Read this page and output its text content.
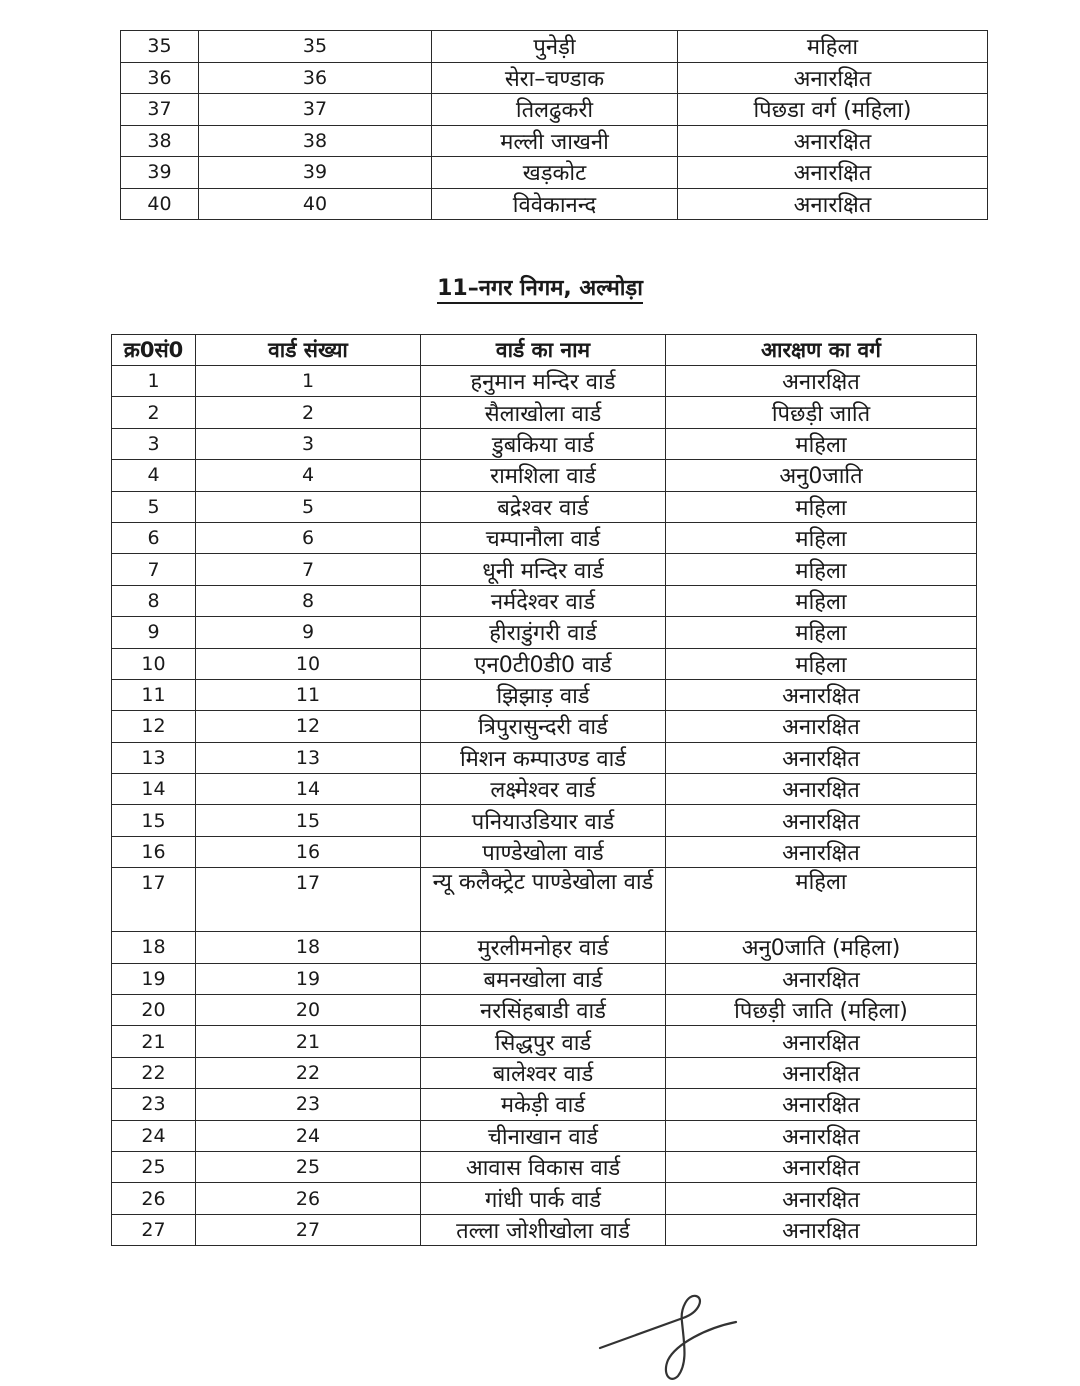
35	35	पुनेड़ी	महिला
36	36	सेरा–चण्डाक	अनारक्षित
37	37	तिलढुकरी	पिछडा वर्ग (महिला)
38	38	मल्ली जाखनी	अनारक्षित
39	39	खड़कोट	अनारक्षित
40	40	विवेकानन्द	अनारक्षित
11–नगर निगम, अल्मोड़ा
क्र0सं0	वार्ड संख्या	वार्ड का नाम	आरक्षण का वर्ग
1	1	हनुमान मन्दिर वार्ड	अनारक्षित
2	2	सैलाखोला वार्ड	पिछड़ी जाति
3	3	डुबकिया वार्ड	महिला
4	4	रामशिला वार्ड	अनु0जाति
5	5	बद्रेश्वर वार्ड	महिला
6	6	चम्पानौला वार्ड	महिला
7	7	धूनी मन्दिर वार्ड	महिला
8	8	नर्मदेश्वर वार्ड	महिला
9	9	हीराडुंगरी वार्ड	महिला
10	10	एन0टी0डी0 वार्ड	महिला
11	11	झिझाड़ वार्ड	अनारक्षित
12	12	त्रिपुरासुन्दरी वार्ड	अनारक्षित
13	13	मिशन कम्पाउण्ड वार्ड	अनारक्षित
14	14	लक्ष्मेश्वर वार्ड	अनारक्षित
15	15	पनियाउडियार वार्ड	अनारक्षित
16	16	पाण्डेखोला वार्ड	अनारक्षित
17	17	न्यू कलैक्ट्रेट पाण्डेखोला वार्ड	महिला
18	18	मुरलीमनोहर वार्ड	अनु0जाति (महिला)
19	19	बमनखोला वार्ड	अनारक्षित
20	20	नरसिंहबाडी वार्ड	पिछड़ी जाति (महिला)
21	21	सिद्धपुर वार्ड	अनारक्षित
22	22	बालेश्वर वार्ड	अनारक्षित
23	23	मकेड़ी वार्ड	अनारक्षित
24	24	चीनाखान वार्ड	अनारक्षित
25	25	आवास विकास वार्ड	अनारक्षित
26	26	गांधी पार्क वार्ड	अनारक्षित
27	27	तल्ला जोशीखोला वार्ड	अनारक्षित
